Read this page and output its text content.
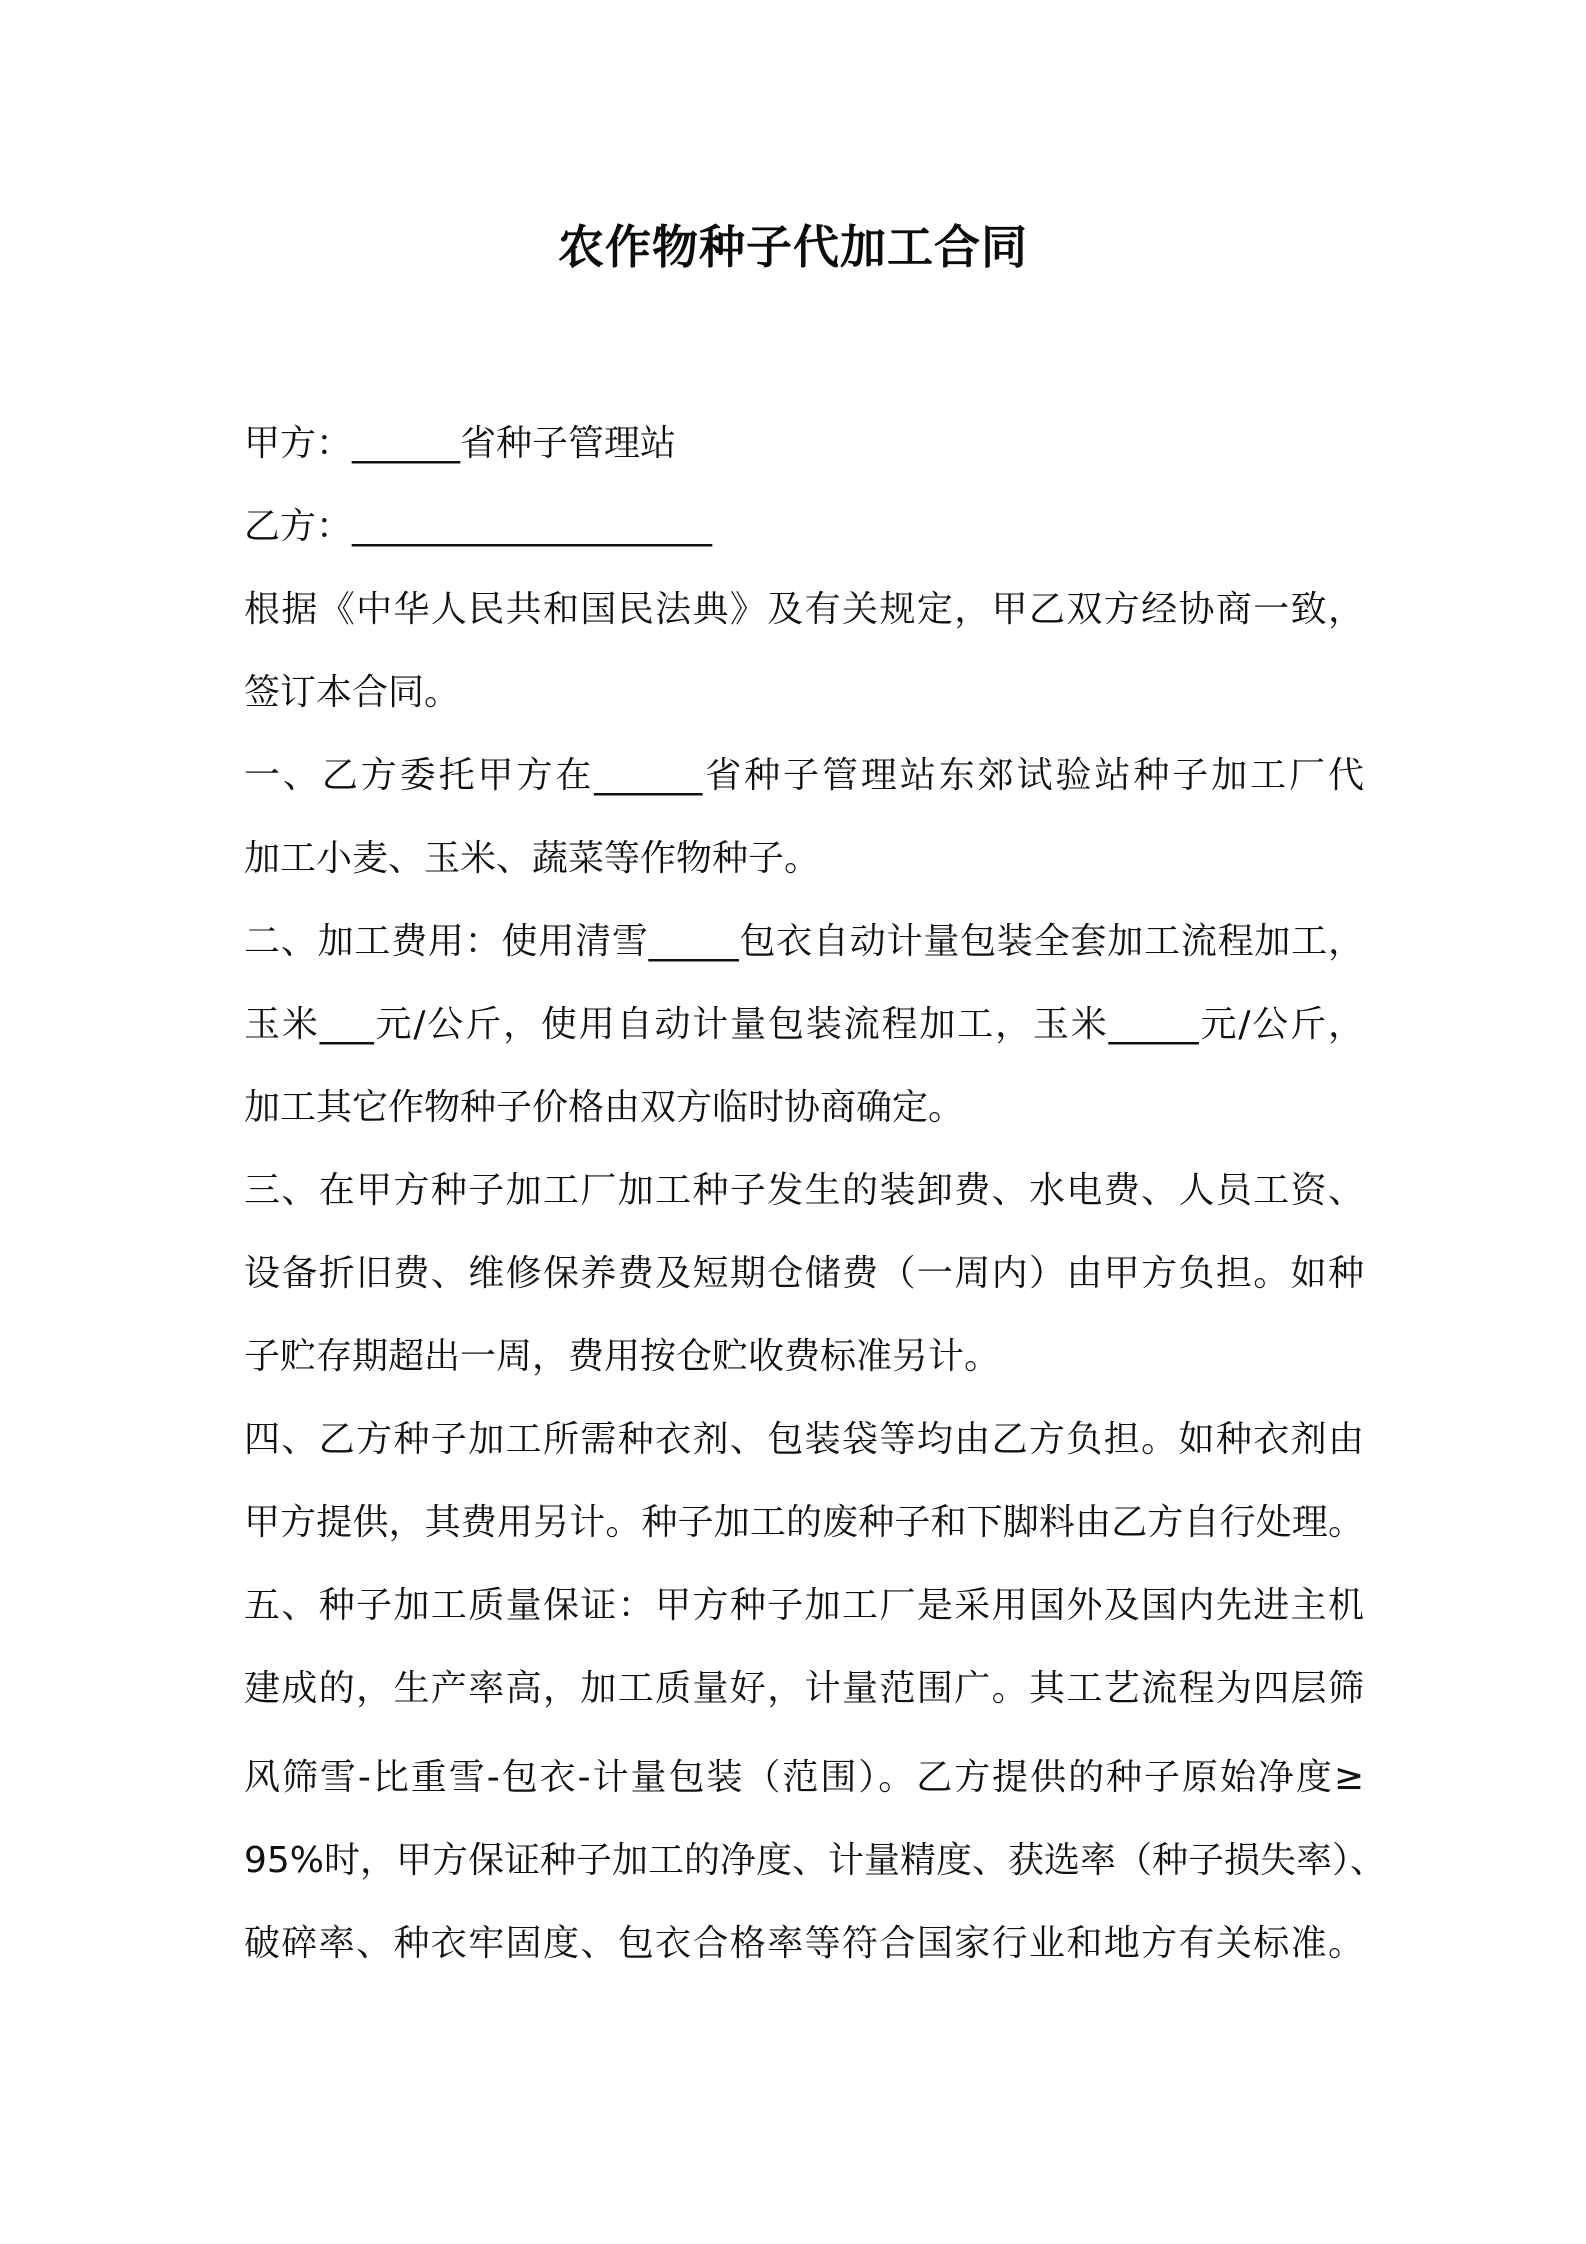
农作物种子代加工合同
甲方：______省种子管理站
乙方：____________________
根据《中华人民共和国民法典》及有关规定，甲乙双方经协商一致，
签订本合同。
一、乙方委托甲方在______省种子管理站东郊试验站种子加工厂代
加工小麦、玉米、蔬菜等作物种子。
二、加工费用：使用清雪_____包衣自动计量包装全套加工流程加工，
玉米___元/公斤，使用自动计量包装流程加工，玉米_____元/公斤，
加工其它作物种子价格由双方临时协商确定。
三、在甲方种子加工厂加工种子发生的装卸费、水电费、人员工资、
设备折旧费、维修保养费及短期仓储费（一周内）由甲方负担。如种
子贮存期超出一周，费用按仓贮收费标准另计。
四、乙方种子加工所需种衣剂、包装袋等均由乙方负担。如种衣剂由
甲方提供，其费用另计。种子加工的废种子和下脚料由乙方自行处理。
五、种子加工质量保证：甲方种子加工厂是采用国外及国内先进主机
建成的，生产率高，加工质量好，计量范围广。其工艺流程为四层筛
风筛雪-比重雪-包衣-计量包装（范围）。乙方提供的种子原始净度≥
95%时，甲方保证种子加工的净度、计量精度、获选率（种子损失率）、
破碎率、种衣牢固度、包衣合格率等符合国家行业和地方有关标准。
